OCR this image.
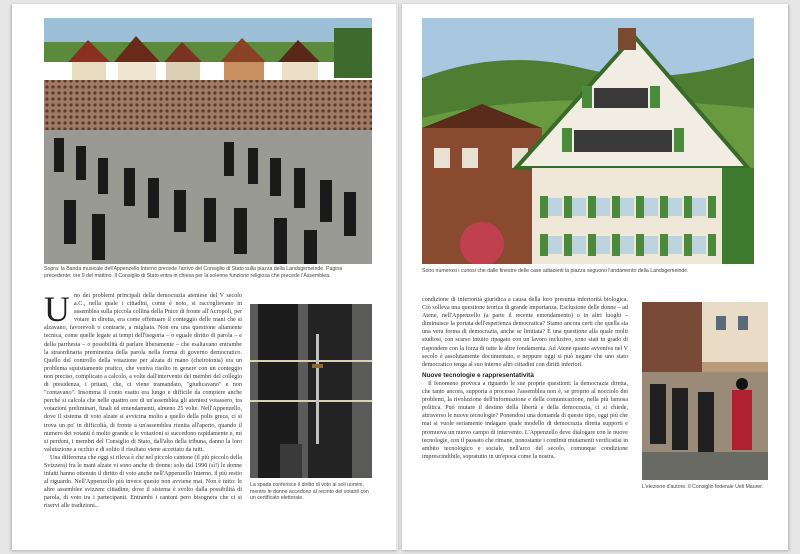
Sopra: la Banda musicale dell'Appenzello Interno precede l'arrivo del Consiglio di Stato sulla piazza della Landsgemeinde. Pagina precedente: ore 9 del mattino. Il Consiglio di Stato entra in chiesa per la solenne funzione religiosa che precede l'Assemblea.

Uno dei problemi principali della democrazia ateniese del V secolo a.C., nella quale i cittadini, come è noto, si raccoglievano in assemblea sulla piccola collina della Pnice di fronte all'Acropoli, per votare in diretta, era come effettuare il conteggio delle mani che si alzavano, favorevoli o contrarie, a migliaia. Non era una questione altamente tecnica, come quelle legate ai tempi dell'isegoria – o eguale diritto di parola – e della parrhesia – o possibilità di parlare liberamente – che esaltavano entrambe la straordinaria preminenza della parola nella forma di governo democratico. Quello del controllo della votazione per alzata di mano (cheirotonia) era un problema squisitamente pratico, che veniva risolto in genere con un conteggio non preciso, complicato a calcolo, a volte dall'intervento dei membri del collegio di presidenza, i pritani, che, ci viene tramandato, "giudicavano" e non "contavano". Insomma il conto esatto era lungo e difficile da compiere anche perché si calcola che nelle quattro ore di un'assemblea gli ateniesi votassero, tra votazioni preliminari, finali ed emendamenti, almeno 25 volte. Nell'Appenzello, dove il sistema di voto alzate si avvicina molto a quello della polis greca, ci si trova un po' in difficoltà, di fronte a un'assemblea riunita all'aperto, quando il numero dei votanti è molto grande e le votazioni si succedono rapidamente e, mi si perdoni, i membri del Consiglio di Stato, dall'alto della tribuna, danno la loro valutazione a occhio e di solito il risultato viene accettato da tutti.

Una differenza che oggi si rileva è che nel piccolo cantone (il più piccolo della Svizzera) fra le mani alzate vi sono anche di donne: solo dal 1990 (sì!) le donne infatti hanno ottenuto il diritto di voto anche nell'Appenzello Interno, il più restio al riguardo. Nell'Appenzello più invece questo non avviene mai. Non è tutto: le altre assemblee svizzere cittadine, dove il sistema è svolto dalla possibilità di parola, di voto tra i partecipanti. Entrambi i cantoni pero bisognera che ci si riservi alle tradizioni...

La spada conferisce il diritto di voto ai soli uomini, mentre le donne accedono al recinto dei votanti con un certificato elettorale.
Sono numerosi i curiosi che dalle finestre delle case adiacenti la piazza seguono l'andamento della Landsgemeinde.

condizione di inferiorità giuridica a causa della loro presunta inferiorità biologica. Ciò solleva una questione teorica di grande importanza. Esclusione delle donne – ad Atene, nell'Appenzello (a parte il recente emendamento) o in altri luoghi – diminuisce la portata dell'esperienza democratica? Siamo ancora certi che quella sia una vera forma di democrazia, anche se limitata? È una questione alla quale molti studiosi, con scarso intuito ripagato con un lavoro inclusivo, sono stati in grado di rispondere con la forza di tutte le altre fondamenta. Ad Atene quanto avveniva nel V secolo è assolutamente documentato, e neppure oggi si può negare che uno stato democratico tenga al suo interno altri cittadini con diritti inferiori.

Nuove tecnologie e rappresentatività

Il fenomeno provoca a riguardo le sue proprie questioni: la democrazia diretta, che tanto ancora, supporta a processo l'assemblea non è, se proprio al nocciolo dei problemi, la rivoluzione dell'informazione e della comunicazione, nella più famosa politica. Può mutare il destino della libertà e della democrazia, ci si chiede, attraverso le nuove tecnologie? Ponendosi una domanda di questo tipo, oggi più che mai si vuole seriamente indagare quale modello di democrazia diretta supporti e promuova un nuovo campo di intervento. L'Appenzello deve dialogare con le nuove tecnologie, con il passato che rimane, nonostante i continui mutamenti verificatisi in ambito tecnologico e sociale, nell'arco del secolo, comunque condizione imprescindibile, sopratutto in un'epoca come la nostra.

L'elezione d'autore. Il Consiglio federale Ueli Maurer.
